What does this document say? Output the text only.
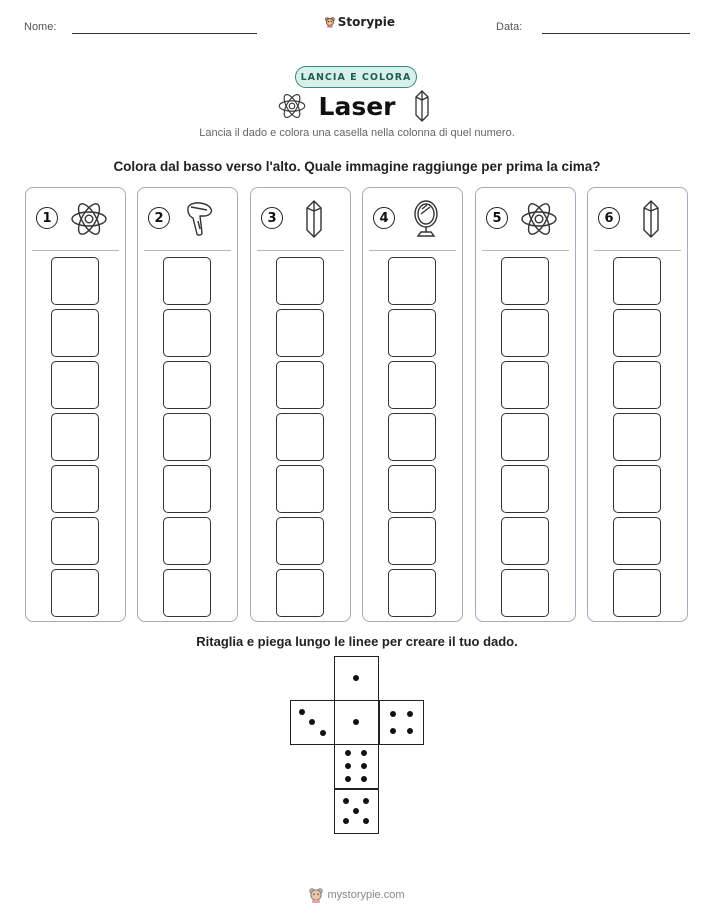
Nome:	Storypie	Data:
LANCIA E COLORA
Laser
Lancia il dado e colora una casella nella colonna di quel numero.
Colora dal basso verso l'alto. Quale immagine raggiunge per prima la cima?
1	2	3	4	5	6
Ritaglia e piega lungo le linee per creare il tuo dado.
mystorypie.com
